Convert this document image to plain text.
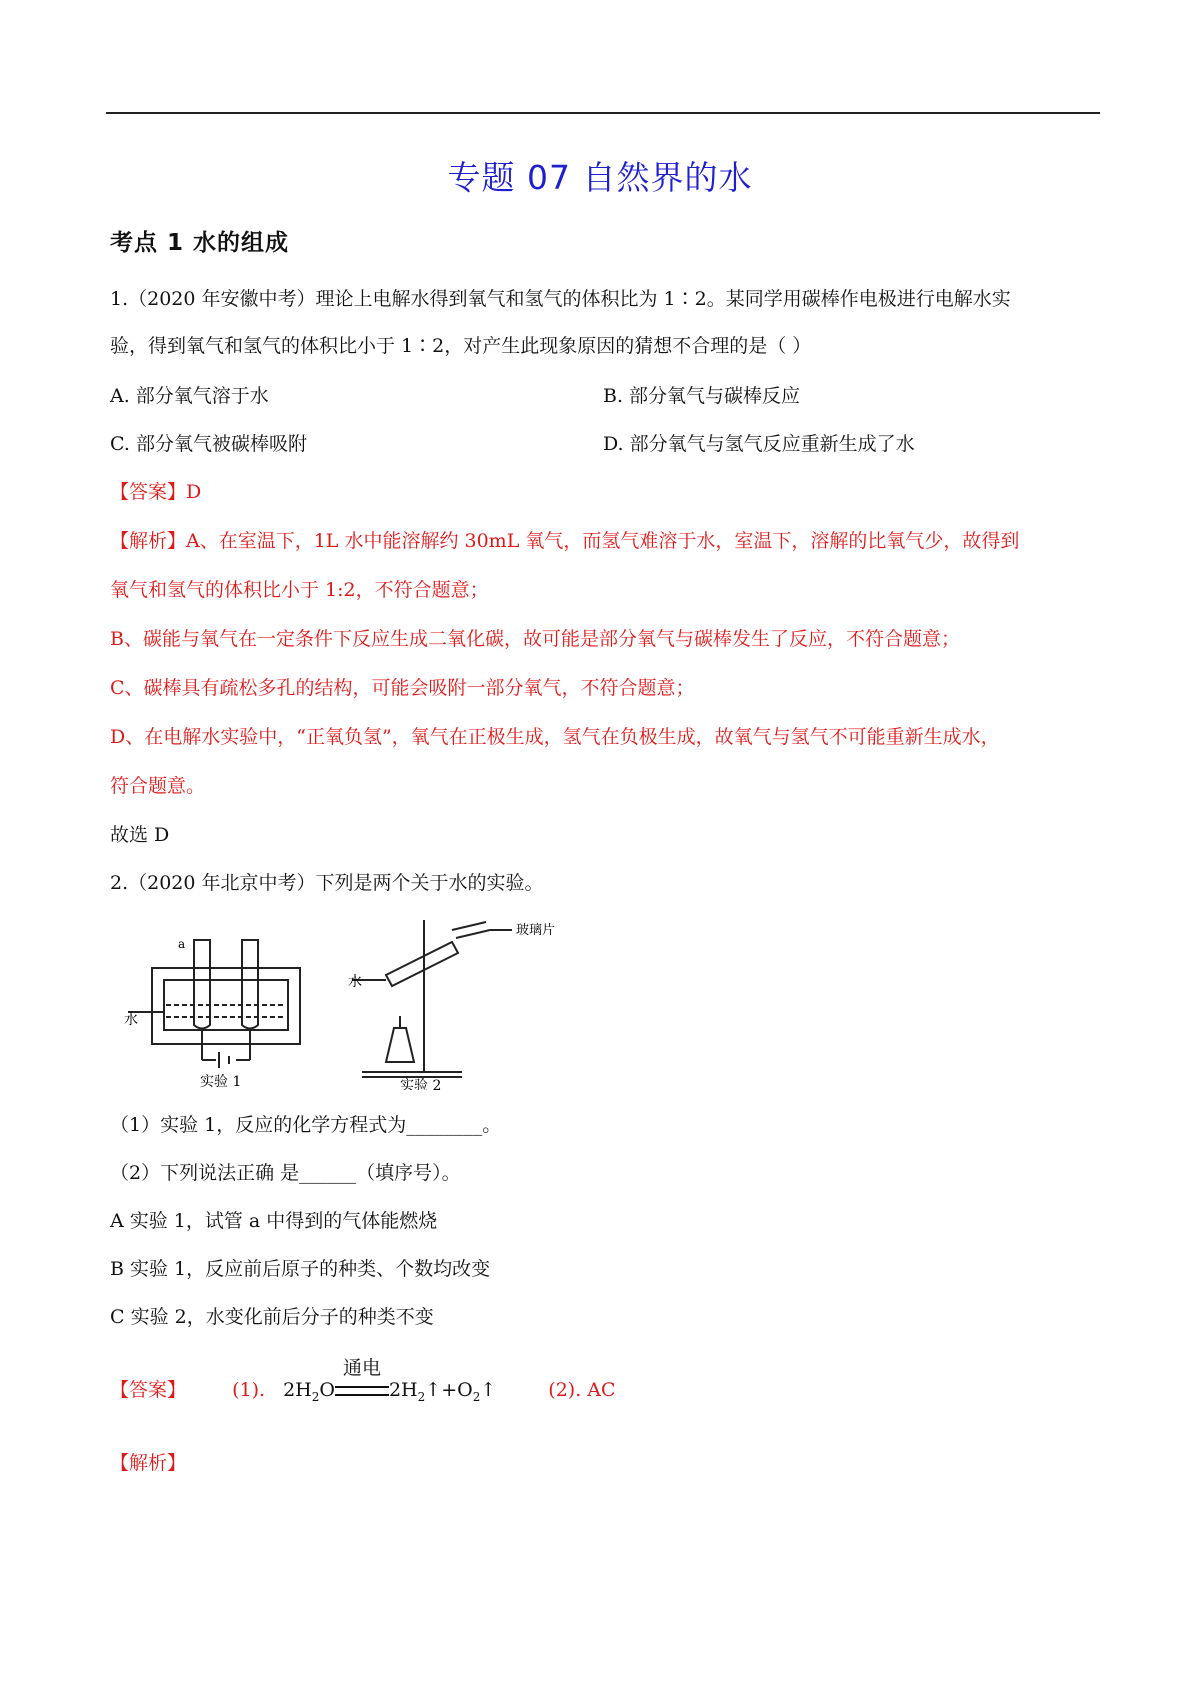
专题 07 自然界的水
考点 1 水的组成
1.（2020 年安徽中考）理论上电解水得到氧气和氢气的体积比为 1∶2。某同学用碳棒作电极进行电解水实
验，得到氧气和氢气的体积比小于 1∶2，对产生此现象原因的猜想不合理的是（ ）
A. 部分氧气溶于水	B. 部分氧气与碳棒反应
C. 部分氧气被碳棒吸附	D. 部分氧气与氢气反应重新生成了水
【答案】D
【解析】A、在室温下，1L 水中能溶解约 30mL 氧气，而氢气难溶于水，室温下，溶解的比氧气少，故得到
氧气和氢气的体积比小于 1:2，不符合题意；
B、碳能与氧气在一定条件下反应生成二氧化碳，故可能是部分氧气与碳棒发生了反应，不符合题意；
C、碳棒具有疏松多孔的结构，可能会吸附一部分氧气，不符合题意；
D、在电解水实验中，“正氧负氢”，氧气在正极生成，氢气在负极生成，故氧气与氢气不可能重新生成水，
符合题意。
故选 D
2.（2020 年北京中考）下列是两个关于水的实验。
a
水
实验 1
水
玻璃片
实验 2
（1）实验 1，反应的化学方程式为________。
（2）下列说法正确 是______（填序号）。
A 实验 1，试管 a 中得到的气体能燃烧
B 实验 1，反应前后原子的种类、个数均改变
C 实验 2，水变化前后分子的种类不变
【答案】 (1). $2H_2O$
通电
$2H_2↑+O_2↑$	(2). AC
【解析】
